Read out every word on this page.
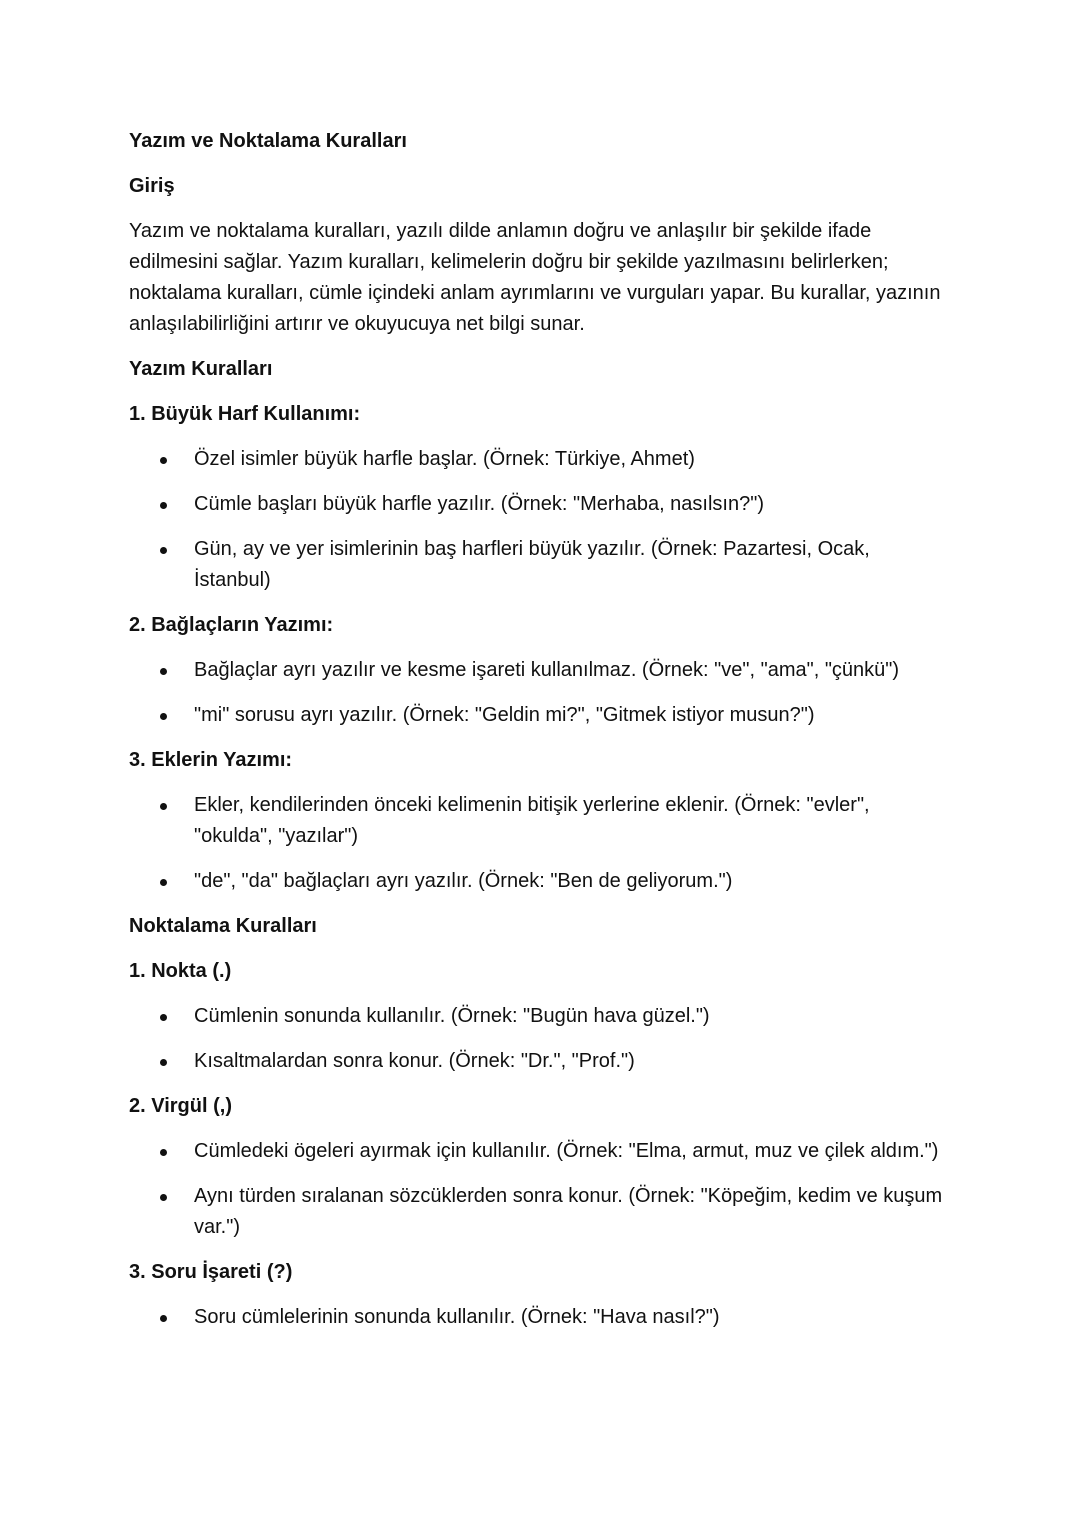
Yazım ve Noktalama Kuralları

Giriş

Yazım ve noktalama kuralları, yazılı dilde anlamın doğru ve anlaşılır bir şekilde ifade edilmesini sağlar. Yazım kuralları, kelimelerin doğru bir şekilde yazılmasını belirlerken; noktalama kuralları, cümle içindeki anlam ayrımlarını ve vurguları yapar. Bu kurallar, yazının anlaşılabilirliğini artırır ve okuyucuya net bilgi sunar.

Yazım Kuralları

1. Büyük Harf Kullanımı:

Özel isimler büyük harfle başlar. (Örnek: Türkiye, Ahmet)
Cümle başları büyük harfle yazılır. (Örnek: "Merhaba, nasılsın?")
Gün, ay ve yer isimlerinin baş harfleri büyük yazılır. (Örnek: Pazartesi, Ocak, İstanbul)

2. Bağlaçların Yazımı:

Bağlaçlar ayrı yazılır ve kesme işareti kullanılmaz. (Örnek: "ve", "ama", "çünkü")
"mi" sorusu ayrı yazılır. (Örnek: "Geldin mi?", "Gitmek istiyor musun?")

3. Eklerin Yazımı:

Ekler, kendilerinden önceki kelimenin bitişik yerlerine eklenir. (Örnek: "evler", "okulda", "yazılar")
"de", "da" bağlaçları ayrı yazılır. (Örnek: "Ben de geliyorum.")

Noktalama Kuralları

1. Nokta (.)

Cümlenin sonunda kullanılır. (Örnek: "Bugün hava güzel.")
Kısaltmalardan sonra konur. (Örnek: "Dr.", "Prof.")

2. Virgül (,)

Cümledeki ögeleri ayırmak için kullanılır. (Örnek: "Elma, armut, muz ve çilek aldım.")
Aynı türden sıralanan sözcüklerden sonra konur. (Örnek: "Köpeğim, kedim ve kuşum var.")

3. Soru İşareti (?)

Soru cümlelerinin sonunda kullanılır. (Örnek: "Hava nasıl?")
